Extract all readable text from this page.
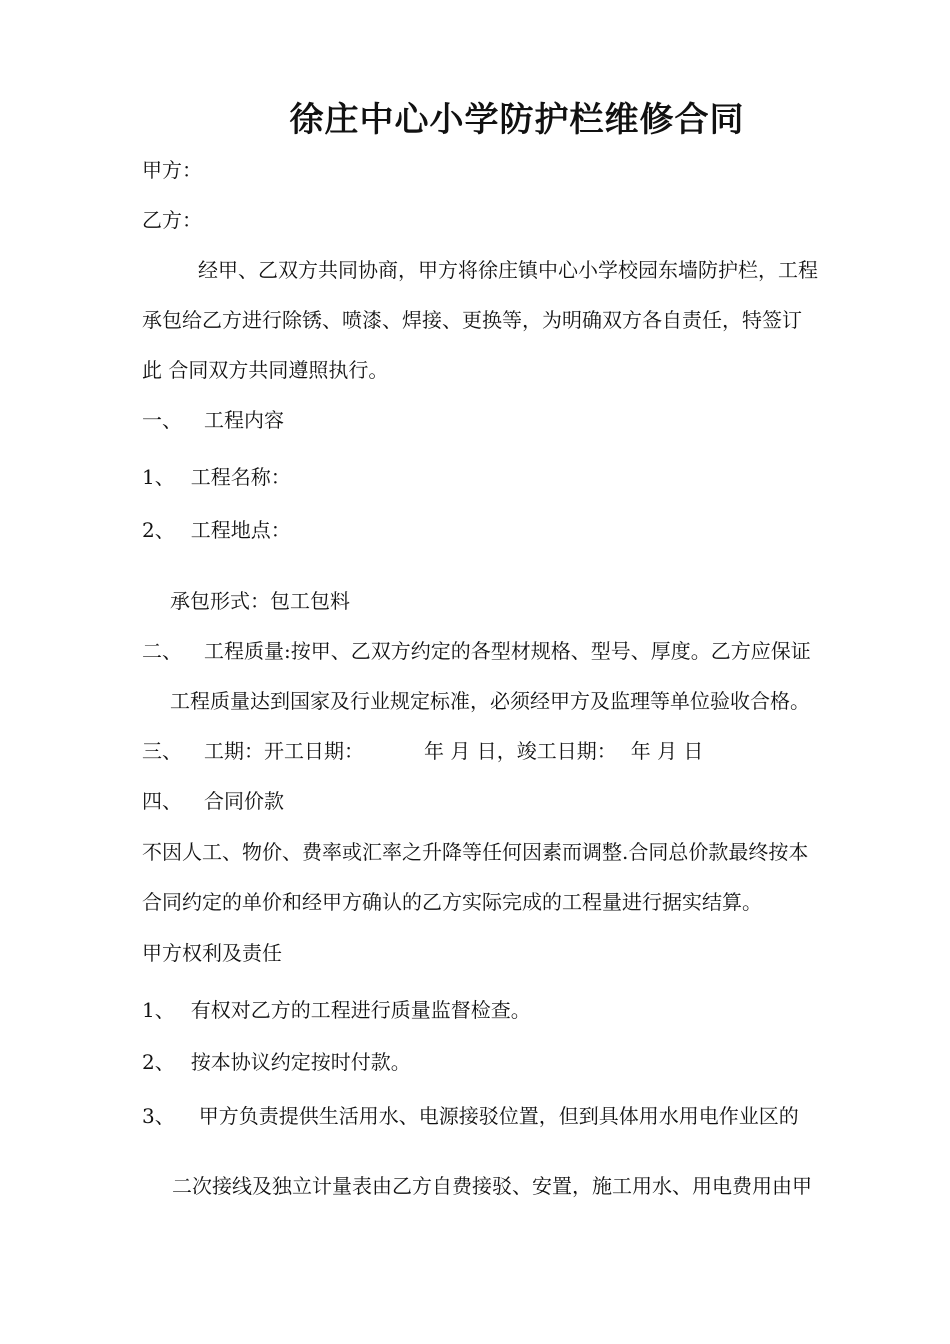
徐庄中心小学防护栏维修合同

甲方：

乙方：

经甲、乙双方共同协商，甲方将徐庄镇中心小学校园东墙防护栏，工程

承包给乙方进行除锈、喷漆、焊接、更换等，为明确双方各自责任，特签订

此 合同双方共同遵照执行。

一、 工程内容

1、 工程名称：

2、 工程地点：

承包形式：包工包料

二、 工程质量:按甲、乙双方约定的各型材规格、型号、厚度。乙方应保证

工程质量达到国家及行业规定标准，必须经甲方及监理等单位验收合格。

三、 工期：开工日期：	年 月 日，竣工日期： 年 月 日

四、 合同价款

不因人工、物价、费率或汇率之升降等任何因素而调整.合同总价款最终按本

合同约定的单价和经甲方确认的乙方实际完成的工程量进行据实结算。

甲方权利及责任

1、 有权对乙方的工程进行质量监督检查。

2、 按本协议约定按时付款。

3、 甲方负责提供生活用水、电源接驳位置，但到具体用水用电作业区的

二次接线及独立计量表由乙方自费接驳、安置，施工用水、用电费用由甲
